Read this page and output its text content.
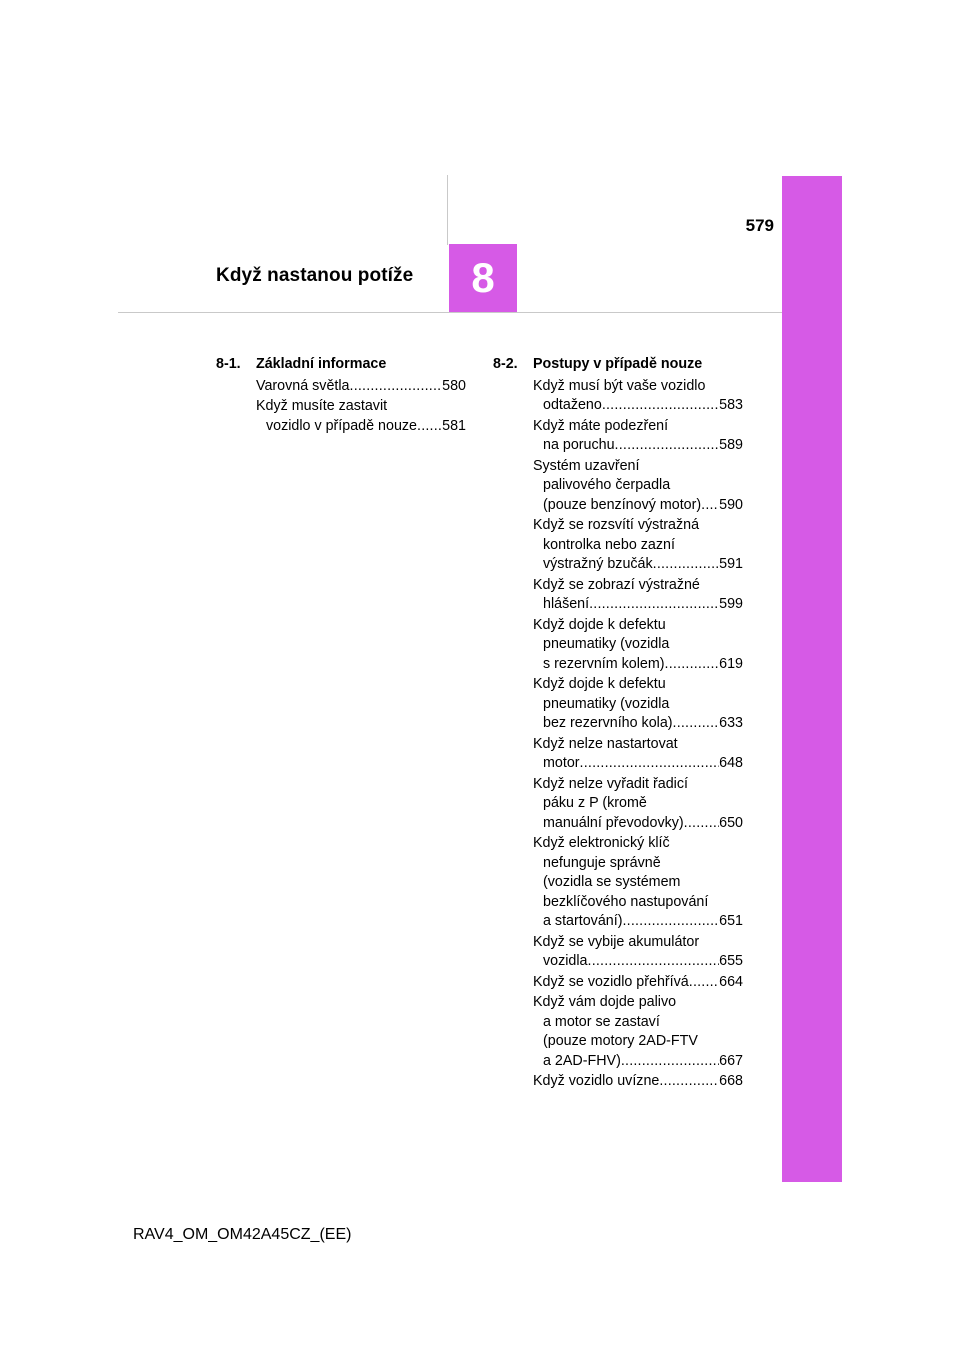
579
Když nastanou potíže	8
8-1.	Základní informace
Varovná světla .....	580
Když musíte zastavit
vozidlo v případě nouze ..... 581
8-2.	Postupy v případě nouze
Když musí být vaše vozidlo
odtaženo .....	583
Když máte podezření
na poruchu .....	589
Systém uzavření
palivového čerpadla
(pouze benzínový motor) ..... 590
Když se rozsvítí výstražná
kontrolka nebo zazní
výstražný bzučák .....	591
Když se zobrazí výstražné
hlášení .....	599
Když dojde k defektu
pneumatiky (vozidla
s rezervním kolem) .....	619
Když dojde k defektu
pneumatiky (vozidla
bez rezervního kola) .....	633
Když nelze nastartovat
motor .....	648
Když nelze vyřadit řadicí
páku z P (kromě
manuální převodovky) ..... 650
Když elektronický klíč
nefunguje správně
(vozidla se systémem
bezklíčového nastupování
a startování) .....	651
Když se vybije akumulátor
vozidla .....	655
Když se vozidlo přehřívá ..... 664
Když vám dojde palivo
a motor se zastaví
(pouze motory 2AD-FTV
a 2AD-FHV) .....	667
Když vozidlo uvízne .....	668
RAV4_OM_OM42A45CZ_(EE)
